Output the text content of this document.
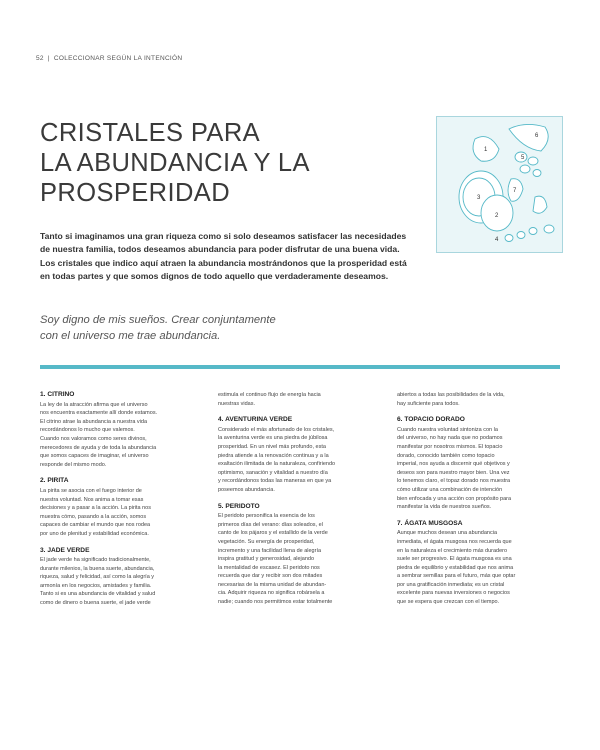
52 | COLECCIONAR SEGÚN LA INTENCIÓN
CRISTALES PARA
LA ABUNDANCIA Y LA
PROSPERIDAD
1
2
3
4
5
6
7

Tanto si imaginamos una gran riqueza como si solo deseamos satisfacer las necesidades
de nuestra familia, todos deseamos abundancia para poder disfrutar de una buena vida.
Los cristales que indico aquí atraen la abundancia mostrándonos que la prosperidad está
en todas partes y que somos dignos de todo aquello que verdaderamente deseamos.

Soy digno de mis sueños. Crear conjuntamente
con el universo me trae abundancia.

1. CITRINO
La ley de la atracción afirma que el universo
nos encuentra exactamente allí donde estamos.
El citrino atrae la abundancia a nuestra vida
recordándonos lo mucho que valemos.
Cuando nos valoramos como seres divinos,
merecedores de ayuda y de toda la abundancia
que somos capaces de imaginar, el universo
responde del mismo modo.
2. PIRITA
La pirita se asocia con el fuego interior de
nuestra voluntad. Nos anima a tomar esas
decisiones y a pasar a la acción. La pirita nos
muestra cómo, pasando a la acción, somos
capaces de cambiar el mundo que nos rodea
por uno de plenitud y estabilidad económica.
3. JADE VERDE
El jade verde ha significado tradicionalmente,
durante milenios, la buena suerte, abundancia,
riqueza, salud y felicidad, así como la alegría y
armonía en los negocios, amistades y familia.
Tanto si es una abundancia de vitalidad y salud
como de dinero o buena suerte, el jade verde
estimula el continuo flujo de energía hacia
nuestras vidas.
4. AVENTURINA VERDE
Considerado el más afortunado de los cristales,
la aventurina verde es una piedra de júbilosa
prosperidad. En un nivel más profundo, esta
piedra atiende a la renovación continua y a la
exaltación ilimitada de la naturaleza, confiriendo
optimismo, sanación y vitalidad a nuestro día
y recordándonos todas las maneras en que ya
poseemos abundancia.
5. PERIDOTO
El peridoto personifica la esencia de los
primeros días del verano: días soleados, el
canto de los pájaros y el estallido de la verde
vegetación. Su energía de prosperidad,
incremento y una facilidad llena de alegría
inspira gratitud y generosidad, alejando
la mentalidad de escasez. El peridoto nos
recuerda que dar y recibir son dos mitades
necesarias de la misma unidad de abundan-
cia. Adquirir riqueza no significa robársela a
nadie; cuando nos permitimos estar totalmente
abiertos a todas las posibilidades de la vida,
hay suficiente para todos.
6. TOPACIO DORADO
Cuando nuestra voluntad sintoniza con la
del universo, no hay nada que no podamos
manifestar por nosotros mismos. El topacio
dorado, conocido también como topacio
imperial, nos ayuda a discernir qué objetivos y
deseos son para nuestro mayor bien. Una vez
lo tenemos claro, el topaz dorado nos muestra
cómo utilizar una combinación de intención
bien enfocada y una acción con propósito para
manifestar la vida de nuestros sueños.
7. ÁGATA MUSGOSA
Aunque muchos desean una abundancia
inmediata, el ágata musgosa nos recuerda que
en la naturaleza el crecimiento más duradero
suele ser progresivo. El ágata musgosa es una
piedra de equilibrio y estabilidad que nos anima
a sembrar semillas para el futuro, más que optar
por una gratificación inmediata; es un cristal
excelente para nuevas inversiones o negocios
que se espera que crezcan con el tiempo.
